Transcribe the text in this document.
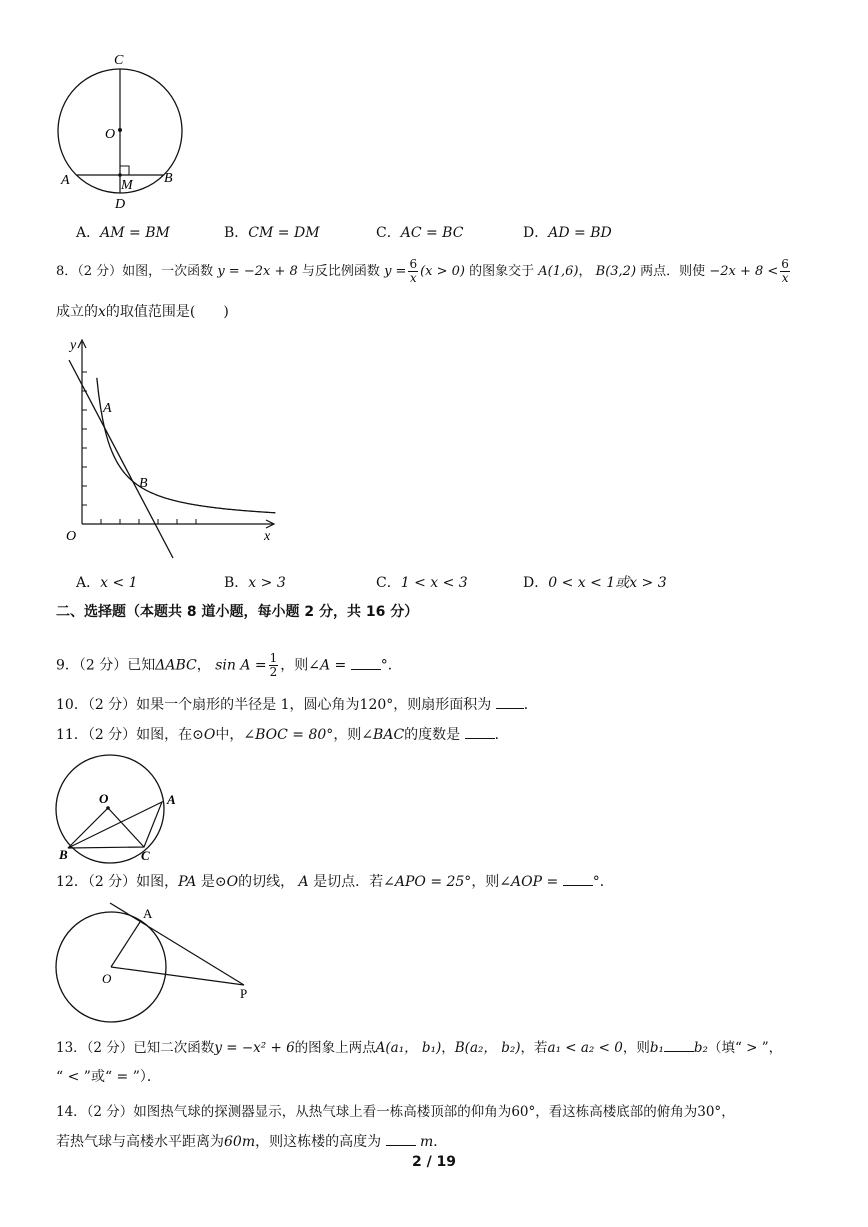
C
O
A	M B
D
A．AM = BM	B．CM = DM	C．AC = BC	D．AD = BD
8．（2 分）如图，一次函数 y = −2x + 8 与反比例函数 $y = \frac{6}{x} (x > 0)$ 的图象交于 A(1,6)， B(3,2) 两点．则使 $-2x + 8 < \frac{6}{x}$
成立的x的取值范围是(　　)
y
A
B
O	x
A．x < 1	B．x > 3	C．1 < x < 3	D．0 < x < 1或x > 3
二、选择题（本题共 8 道小题，每小题 2 分，共 16 分）
9．（2 分）已知ΔABC， $\sin A = \frac{1}{2}$ ，则∠A = °．
10．（2 分）如果一个扇形的半径是 1，圆心角为120°，则扇形面积为 ．
11．（2 分）如图，在⊙O中，∠BOC = 80°，则∠BAC的度数是 ．
O	A
B	C
12．（2 分）如图，PA 是⊙O的切线， A 是切点．若∠APO = 25°，则∠AOP = °．
A
O
P
13．（2 分）已知二次函数y = −x² + 6的图象上两点A(a₁， b₁)，B(a₂， b₂)，若a₁ < a₂ < 0，则b₁ b₂（填“ > ”，
“ < ”或“ = ”）．
14．（2 分）如图热气球的探测器显示，从热气球上看一栋高楼顶部的仰角为60°，看这栋高楼底部的俯角为30°，
若热气球与高楼水平距离为60m，则这栋楼的高度为	m．
2 / 19
